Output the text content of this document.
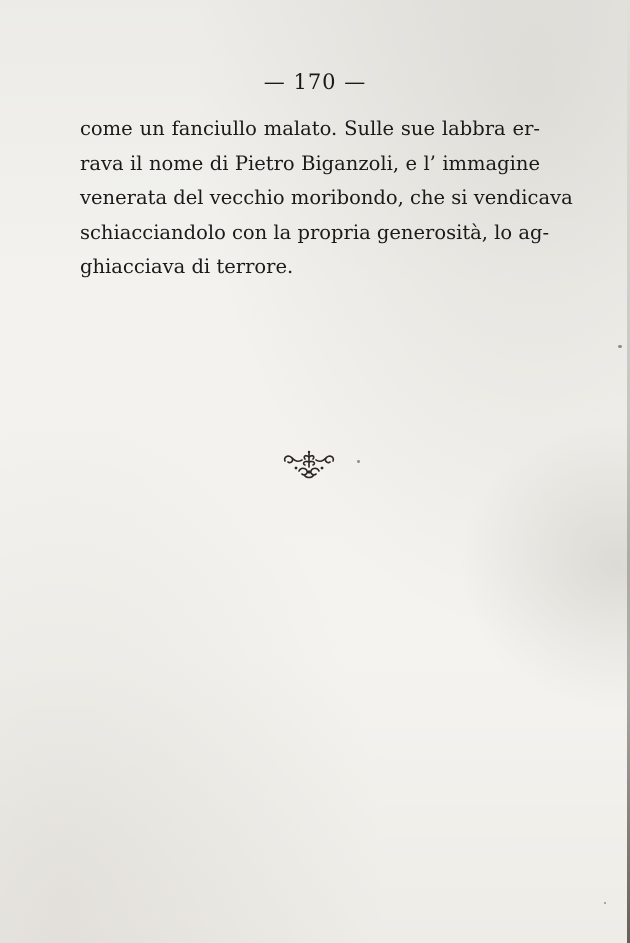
— 170 —
come un fanciullo malato. Sulle sue labbra er-
rava il nome di Pietro Biganzoli, e l’ immagine
venerata del vecchio moribondo, che si vendicava
schiacciandolo con la propria generosità, lo ag-
ghiacciava di terrore.
